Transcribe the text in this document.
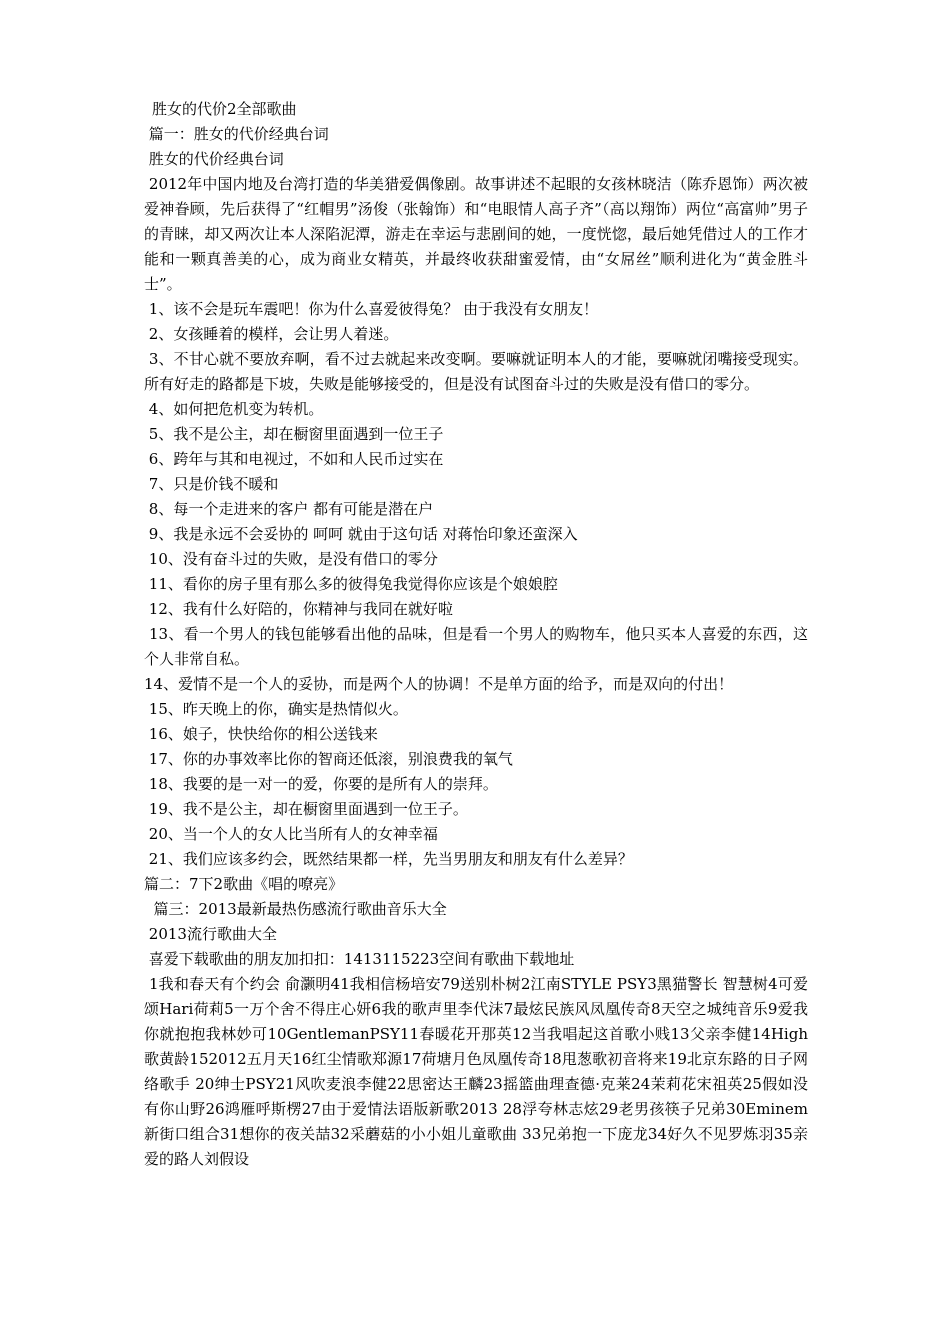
胜女的代价2全部歌曲
篇一：胜女的代价经典台词
胜女的代价经典台词
2012年中国内地及台湾打造的华美猎爱偶像剧。故事讲述不起眼的女孩林晓洁（陈乔恩饰）两次被爱神眷顾，先后获得了“红帽男”汤俊（张翰饰）和“电眼情人高子齐”（高以翔饰）两位“高富帅”男子的青睐，却又两次让本人深陷泥潭，游走在幸运与悲剧间的她，一度恍惚，最后她凭借过人的工作才能和一颗真善美的心，成为商业女精英，并最终收获甜蜜爱情，由“女屌丝”顺利进化为“黄金胜斗士”。
1、该不会是玩车震吧！你为什么喜爱彼得兔？ 由于我没有女朋友！
2、女孩睡着的模样，会让男人着迷。
3、不甘心就不要放弃啊，看不过去就起来改变啊。要嘛就证明本人的才能，要嘛就闭嘴接受现实。所有好走的路都是下坡，失败是能够接受的，但是没有试图奋斗过的失败是没有借口的零分。
4、如何把危机变为转机。
5、我不是公主，却在橱窗里面遇到一位王子
6、跨年与其和电视过，不如和人民币过实在
7、只是价钱不暖和
8、每一个走进来的客户 都有可能是潜在户
9、我是永远不会妥协的 呵呵 就由于这句话 对蒋怡印象还蛮深入
10、没有奋斗过的失败，是没有借口的零分
11、看你的房子里有那么多的彼得兔我觉得你应该是个娘娘腔
12、我有什么好陪的，你精神与我同在就好啦
13、看一个男人的钱包能够看出他的品味，但是看一个男人的购物车，他只买本人喜爱的东西，这个人非常自私。
14、爱情不是一个人的妥协，而是两个人的协调！不是单方面的给予，而是双向的付出！
15、昨天晚上的你，确实是热情似火。
16、娘子，快快给你的相公送钱来
17、你的办事效率比你的智商还低滚，别浪费我的氧气
18、我要的是一对一的爱，你要的是所有人的崇拜。
19、我不是公主，却在橱窗里面遇到一位王子。
20、当一个人的女人比当所有人的女神幸福
21、我们应该多约会，既然结果都一样，先当男朋友和朋友有什么差异？
篇二：7下2歌曲《唱的嘹亮》
篇三：2013最新最热伤感流行歌曲音乐大全
2013流行歌曲大全
喜爱下载歌曲的朋友加扣扣：1413115223空间有歌曲下载地址
1我和春天有个约会 俞灏明41我相信杨培安79送别朴树2江南STYLE PSY3黑猫警长 智慧树4可爱颂Hari荷莉5一万个舍不得庄心妍6我的歌声里李代沫7最炫民族风凤凰传奇8天空之城纯音乐9爱我你就抱抱我林妙可10GentlemanPSY11春暖花开那英12当我唱起这首歌小贱13父亲李健14High歌黄龄152012五月天16红尘情歌郑源17荷塘月色凤凰传奇18甩葱歌初音将来19北京东路的日子网络歌手 20绅士PSY21风吹麦浪李健22思密达王麟23摇篮曲理查德·克莱24茉莉花宋祖英25假如没有你山野26鸿雁呼斯楞27由于爱情法语版新歌2013 28浮夸林志炫29老男孩筷子兄弟30Eminem新街口组合31想你的夜关喆32采蘑菇的小小姐儿童歌曲 33兄弟抱一下庞龙34好久不见罗炼羽35亲爱的路人刘假设
